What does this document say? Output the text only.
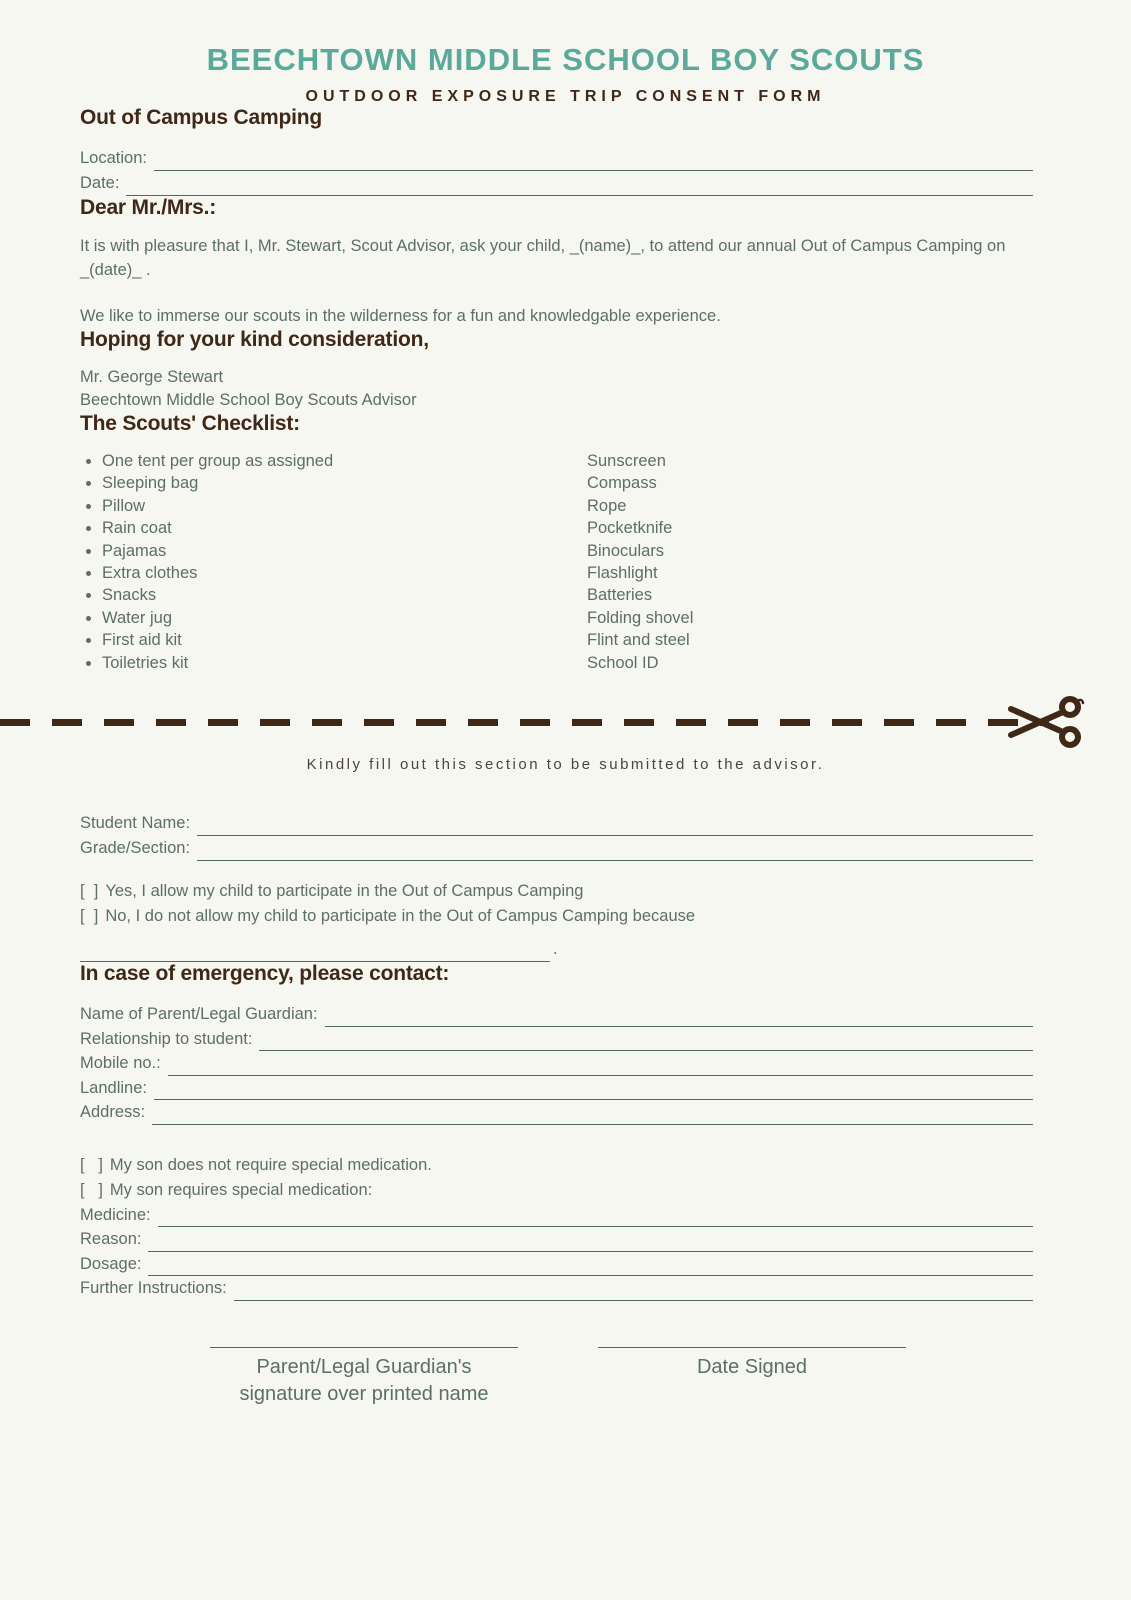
BEECHTOWN MIDDLE SCHOOL BOY SCOUTS
OUTDOOR EXPOSURE TRIP CONSENT FORM
Out of Campus Camping
Location:
Date:
Dear Mr./Mrs.:

It is with pleasure that I, Mr. Stewart, Scout Advisor, ask your child, _(name)_, to attend our annual Out of Campus Camping on _(date)_ .

We like to immerse our scouts in the wilderness for a fun and knowledgable experience.

Hoping for your kind consideration,
Mr. George Stewart
Beechtown Middle School Boy Scouts Advisor
The Scouts' Checklist:
One tent per group as assigned
Sleeping bag
Pillow
Rain coat
Pajamas
Extra clothes
Snacks
Water jug
First aid kit
Toiletries kit
Sunscreen
Compass
Rope
Pocketknife
Binoculars
Flashlight
Batteries
Folding shovel
Flint and steel
School ID
Kindly fill out this section to be submitted to the advisor.
Student Name:
Grade/Section:
[  ] Yes, I allow my child to participate in the Out of Campus Camping
[  ] No, I do not allow my child to participate in the Out of Campus Camping because
.
In case of emergency, please contact:
Name of Parent/Legal Guardian:
Relationship to student:
Mobile no.:
Landline:
Address:
[   ] My son does not require special medication.
[   ] My son requires special medication:
Medicine:
Reason:
Dosage:
Further Instructions:
Parent/Legal Guardian's
signature over printed name
Date Signed
